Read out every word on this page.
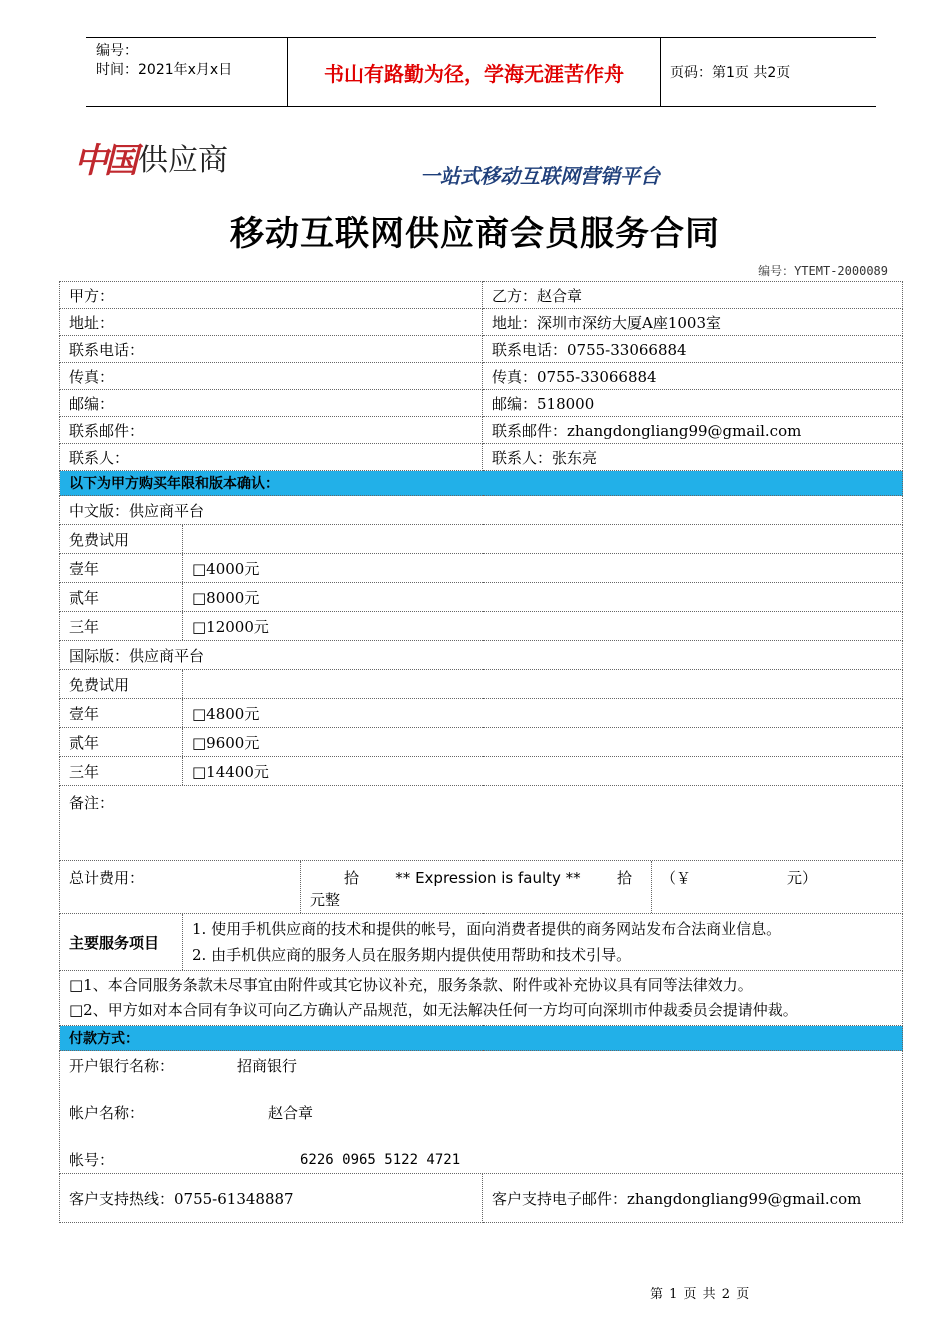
编号：
时间：2021年x月x日	书山有路勤为径，学海无涯苦作舟	页码：第1页 共2页
中国 供应商	一站式移动互联网营销平台
移动互联网供应商会员服务合同
编号：YTEMT-2000089
甲方：	乙方：赵合章
地址：	地址：深圳市深纺大厦A座1003室
联系电话：	联系电话：0755-33066884
传真：	传真：0755-33066884
邮编：	邮编：518000
联系邮件：	联系邮件：zhangdongliang99@gmail.com
联系人：	联系人：张东亮
以下为甲方购买年限和版本确认：
中文版：供应商平台

免费试用	

壹年	□4000元

贰年	□8000元

三年	□12000元

国际版：供应商平台

免费试用	

壹年	□4800元

贰年	□9600元

三年	□14400元

备注：

总计费用：	拾 ** Expression is faulty ** 拾
元整

（￥	元）

主要服务项目	
1. 使用手机供应商的技术和提供的帐号，面向消费者提供的商务网站发布合法商业信息。
2. 由手机供应商的服务人员在服务期内提供使用帮助和技术引导。

□1、本合同服务条款未尽事宜由附件或其它协议补充，服务条款、附件或补充协议具有同等法律效力。
□2、甲方如对本合同有争议可向乙方确认产品规范，如无法解决任何一方均可向深圳市仲裁委员会提请仲裁。

付款方式：

开户银行名称：	招商银行
帐户名称：	赵合章
帐号：	6226 0965 5122 4721

客户支持热线：0755-61348887	客户支持电子邮件：zhangdongliang99@gmail.com
第 1 页 共 2 页
